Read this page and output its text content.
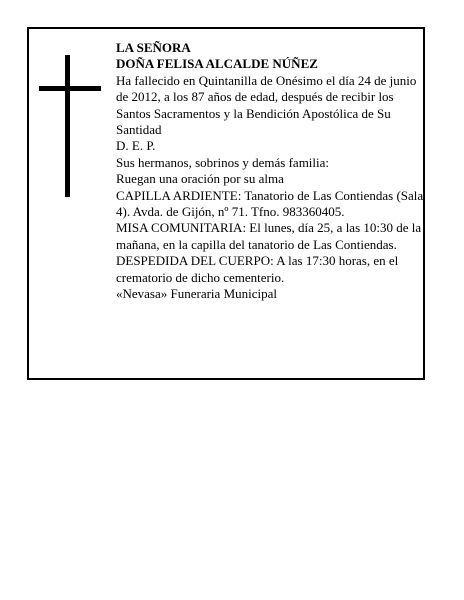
LA SEÑORA
DOÑA FELISA ALCALDE NÚÑEZ
Ha fallecido en Quintanilla de Onésimo el día 24 de junio de 2012, a los 87 años de edad, después de recibir los Santos Sacramentos y la Bendición Apostólica de Su Santidad
D. E. P.
Sus hermanos, sobrinos y demás familia:
Ruegan una oración por su alma
CAPILLA ARDIENTE: Tanatorio de Las Contiendas (Sala 4). Avda. de Gijón, nº 71. Tfno. 983360405.
MISA COMUNITARIA: El lunes, día 25, a las 10:30 de la mañana, en la capilla del tanatorio de Las Contiendas.
DESPEDIDA DEL CUERPO: A las 17:30 horas, en el crematorio de dicho cementerio.
«Nevasa» Funeraria Municipal
